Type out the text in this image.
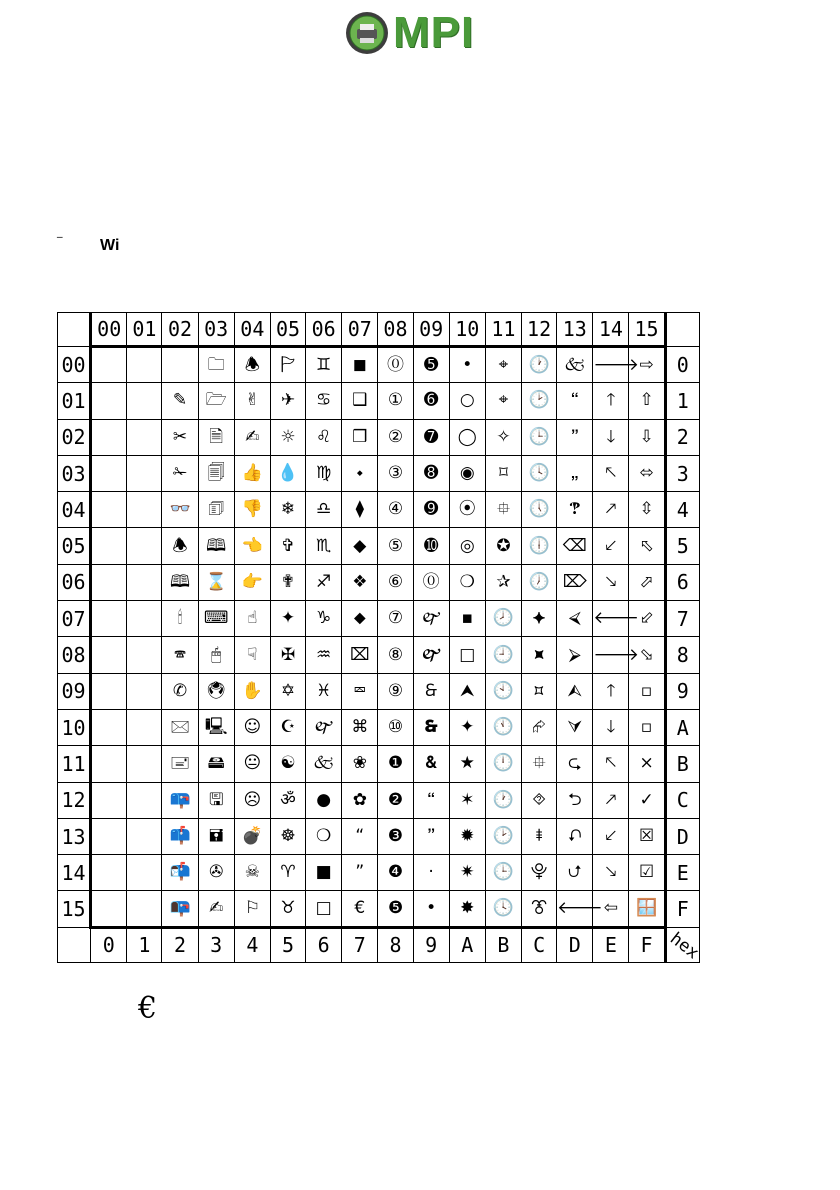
MPI
_
Wi
	00	01	02	03	04	05	06	07	08	09	10	11	12	13	14	15	
00				🗀	🕭	🏱	♊	◼	⓪	➎	•	⌖	🕐	🙵	🡒	⇨	0
01			✎	🗁	✌	✈	♋	❑	①	➏	○	⌖	🕑	🙶	🡑	⇧	1
02			✂	🗎	✍	☼	♌	❒	②	➐	◯	✧	🕒	🙷	🡓	⇩	2
03			✁	🗐	👍	💧	♍	⬩	③	➑	◉	⌑	🕓	🙸	🡔	⬄	3
04			👓	🗊	👎	❄	♎	⧫	④	➒	⦿	⯐	🕔	🙹	🡕	⇳	4
05			🕭	🕮	👈	✞	♏	◆	⑤	➓	◎	✪	🕕	⌫	🡗	⬁	5
06			🕮	⌛	👉	✟	♐	❖	⑥	⓪	❍	✰	🕖	⌦	🡖	⬀	6
07			🕯	⌨	☝	✦	♑	⬥	⑦	🙰	▪	🕗	⯌	⮘	🡐	⬃	7
08			🕿	🖱	☟	✠	♒	⌧	⑧	🙱	□	🕘	⯍	⮚	🡒	⬂	8
09			✆	🖲	✋	✡	♓	⮹	⑨	🙲	⮝	🕙	⯏	⮙	🡑	▫	9
10			🖂	🖳	☺	☪	🙰	⌘	⑩	🙳	✦	🕚	⮳	⮛	🡓	▫	A
11			🖃	🖴	😐	☯	🙵	❀	❶	🙴	★	🕛	⯐	⮎	🡔	×	B
12			📪	🖫	☹	ॐ	●	✿	❷	🙶	✶	🕐	⯑	⮌	🡕	✓	C
13			📫	🖬	💣	☸	❍	“	❸	🙷	✹	🕑	⯒	⮏	🡗	☒	D
14			📬	✇	☠	♈	■	”	❹	·	✷	🕒	⯓	⮍	🡖	☑	E
15			📭	✍	⚐	♉	□	€	❺	•	✸	🕓	⯔	🡐	⇦	🪟	F
	0	1	2	3	4	5	6	7	8	9	A	B	C	D	E	F	hex
€
